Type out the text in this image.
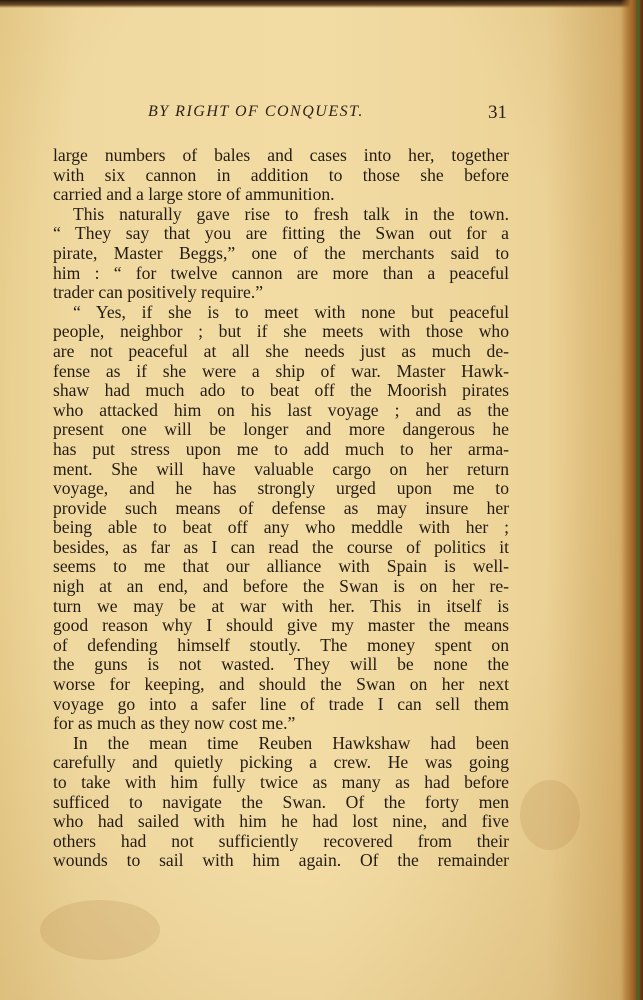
BY RIGHT OF CONQUEST.	31
large numbers of bales and cases into her, together
with six cannon in addition to those she before
carried and a large store of ammunition.
This naturally gave rise to fresh talk in the town.
“ They say that you are fitting the Swan out for a
pirate, Master Beggs,” one of the merchants said to
him : “ for twelve cannon are more than a peaceful
trader can positively require.”
“ Yes, if she is to meet with none but peaceful
people, neighbor ; but if she meets with those who
are not peaceful at all she needs just as much de-
fense as if she were a ship of war. Master Hawk-
shaw had much ado to beat off the Moorish pirates
who attacked him on his last voyage ; and as the
present one will be longer and more dangerous he
has put stress upon me to add much to her arma-
ment. She will have valuable cargo on her return
voyage, and he has strongly urged upon me to
provide such means of defense as may insure her
being able to beat off any who meddle with her ;
besides, as far as I can read the course of politics it
seems to me that our alliance with Spain is well-
nigh at an end, and before the Swan is on her re-
turn we may be at war with her. This in itself is
good reason why I should give my master the means
of defending himself stoutly. The money spent on
the guns is not wasted. They will be none the
worse for keeping, and should the Swan on her next
voyage go into a safer line of trade I can sell them
for as much as they now cost me.”
In the mean time Reuben Hawkshaw had been
carefully and quietly picking a crew. He was going
to take with him fully twice as many as had before
sufficed to navigate the Swan. Of the forty men
who had sailed with him he had lost nine, and five
others had not sufficiently recovered from their
wounds to sail with him again. Of the remainder
